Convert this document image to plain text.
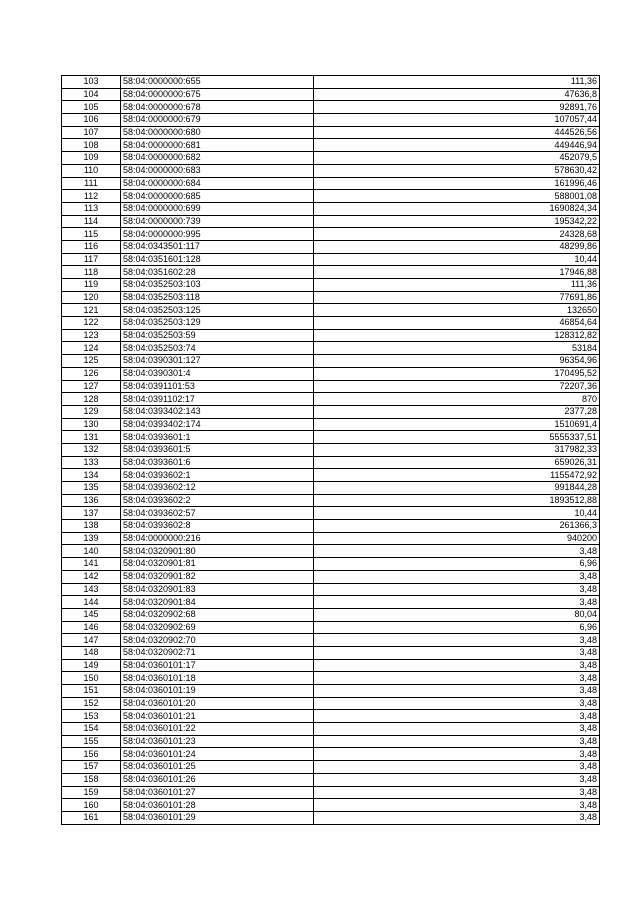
103	58:04:0000000:655	111,36
104	58:04:0000000:675	47636,8
105	58:04:0000000:678	92891,76
106	58:04:0000000:679	107057,44
107	58:04:0000000:680	444526,56
108	58:04:0000000:681	449446,94
109	58:04:0000000:682	452079,5
110	58:04:0000000:683	578630,42
111	58:04:0000000:684	161996,46
112	58:04:0000000:685	588001,08
113	58:04:0000000:699	1690824,34
114	58:04:0000000:739	195342,22
115	58:04:0000000:995	24328,68
116	58:04:0343501:117	48299,86
117	58:04:0351601:128	10,44
118	58:04:0351602:28	17946,88
119	58:04:0352503:103	111,36
120	58:04:0352503:118	77691,86
121	58:04:0352503:125	132650
122	58:04:0352503:129	46854,64
123	58:04:0352503:59	128312,82
124	58:04:0352503:74	53184
125	58:04:0390301:127	96354,96
126	58:04:0390301:4	170495,52
127	58:04:0391101:53	72207,36
128	58:04:0391102:17	870
129	58:04:0393402:143	2377,28
130	58:04:0393402:174	1510691,4
131	58:04:0393601:1	5555337,51
132	58:04:0393601:5	317982,33
133	58:04:0393601:6	659026,31
134	58:04:0393602:1	1155472,92
135	58:04:0393602:12	991844,28
136	58:04:0393602:2	1893512,88
137	58:04:0393602:57	10,44
138	58:04:0393602:8	261366,3
139	58:04:0000000:216	940200
140	58:04:0320901:80	3,48
141	58:04:0320901:81	6,96
142	58:04:0320901:82	3,48
143	58:04:0320901:83	3,48
144	58:04:0320901:84	3,48
145	58:04:0320902:68	80,04
146	58:04:0320902:69	6,96
147	58:04:0320902:70	3,48
148	58:04:0320902:71	3,48
149	58:04:0360101:17	3,48
150	58:04:0360101:18	3,48
151	58:04:0360101:19	3,48
152	58:04:0360101:20	3,48
153	58:04:0360101:21	3,48
154	58:04:0360101:22	3,48
155	58:04:0360101:23	3,48
156	58:04:0360101:24	3,48
157	58:04:0360101:25	3,48
158	58:04:0360101:26	3,48
159	58:04:0360101:27	3,48
160	58:04:0360101:28	3,48
161	58:04:0360101:29	3,48
